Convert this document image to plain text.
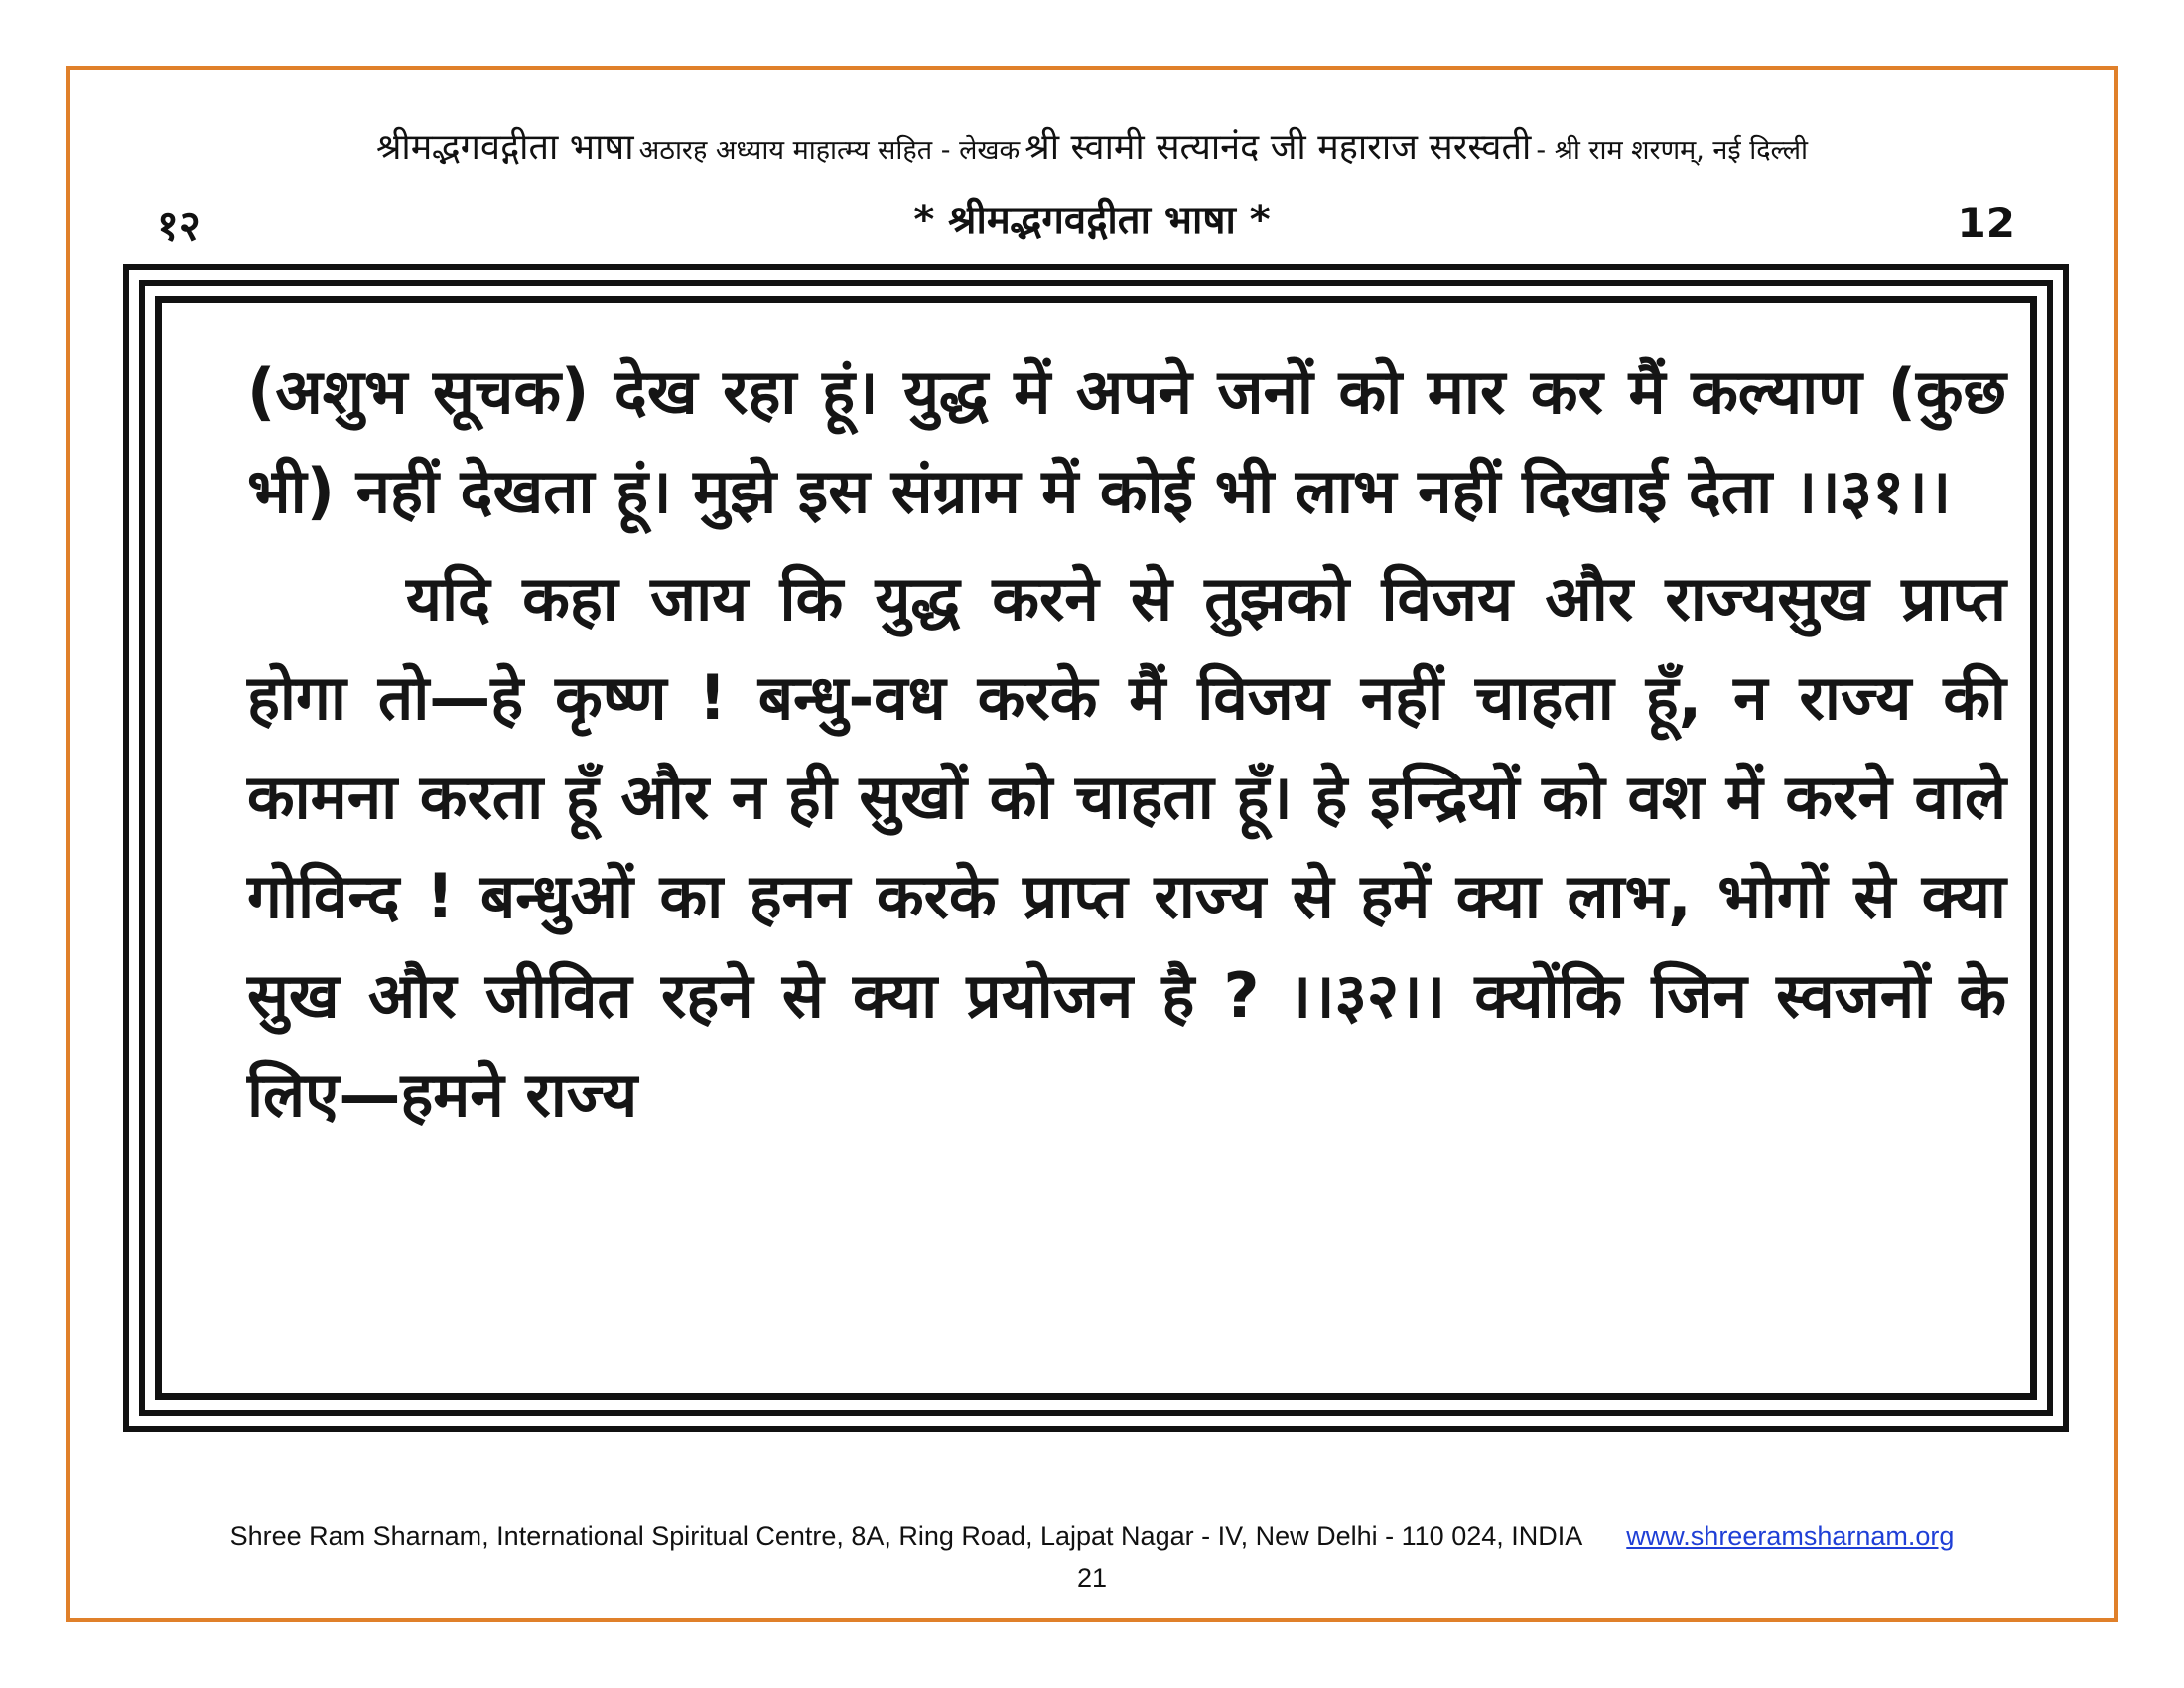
श्रीमद्भगवद्गीता भाषा अठारह अध्याय माहात्म्य सहित - लेखक श्री स्वामी सत्यानंद जी महाराज सरस्वती - श्री राम शरणम्, नई दिल्ली
१२	* श्रीमद्भगवद्गीता भाषा *	12

(अशुभ सूचक) देख रहा हूं। युद्ध में अपने जनों को मार कर मैं कल्याण (कुछ भी) नहीं देखता हूं। मुझे इस संग्राम में कोई भी लाभ नहीं दिखाई देता ।।३१।।

यदि कहा जाय कि युद्ध करने से तुझको विजय और राज्यसुख प्राप्त होगा तो—हे कृष्ण ! बन्धु-वध करके मैं विजय नहीं चाहता हूँ, न राज्य की कामना करता हूँ और न ही सुखों को चाहता हूँ। हे इन्द्रियों को वश में करने वाले गोविन्द ! बन्धुओं का हनन करके प्राप्त राज्य से हमें क्या लाभ, भोगों से क्या सुख और जीवित रहने से क्या प्रयोजन है ? ।।३२।। क्योंकि जिन स्वजनों के लिए—हमने राज्य

Shree Ram Sharnam, International Spiritual Centre, 8A, Ring Road, Lajpat Nagar - IV, New Delhi - 110 024, INDIA www.shreeramsharnam.org
21
